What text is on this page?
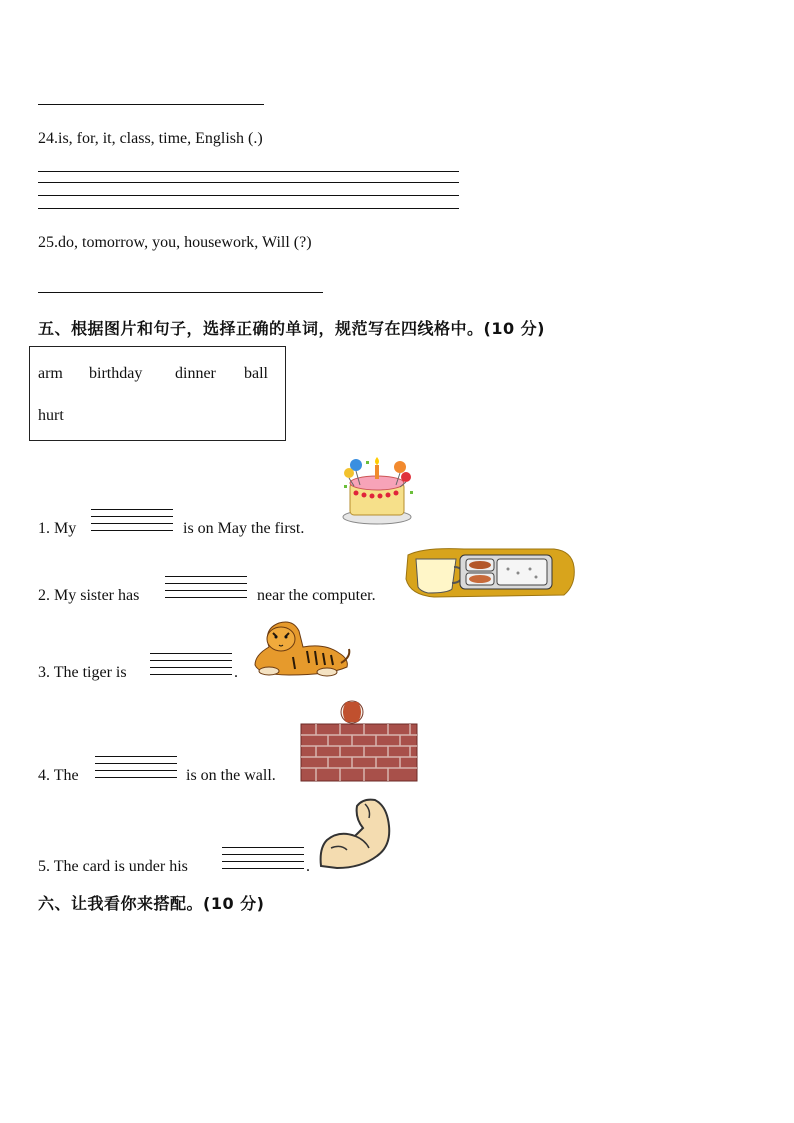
24.is, for, it, class, time, English (.)
25.do, tomorrow, you, housework, Will (?)
五、根据图片和句子，选择正确的单词，规范写在四线格中。(10 分)
arm birthday dinner ball
hurt
1. My	is on May the first.
2. My sister has	near the computer.
3. The tiger is	.
4. The	is on the wall.
5. The card is under his	.
六、让我看你来搭配。(10 分)
